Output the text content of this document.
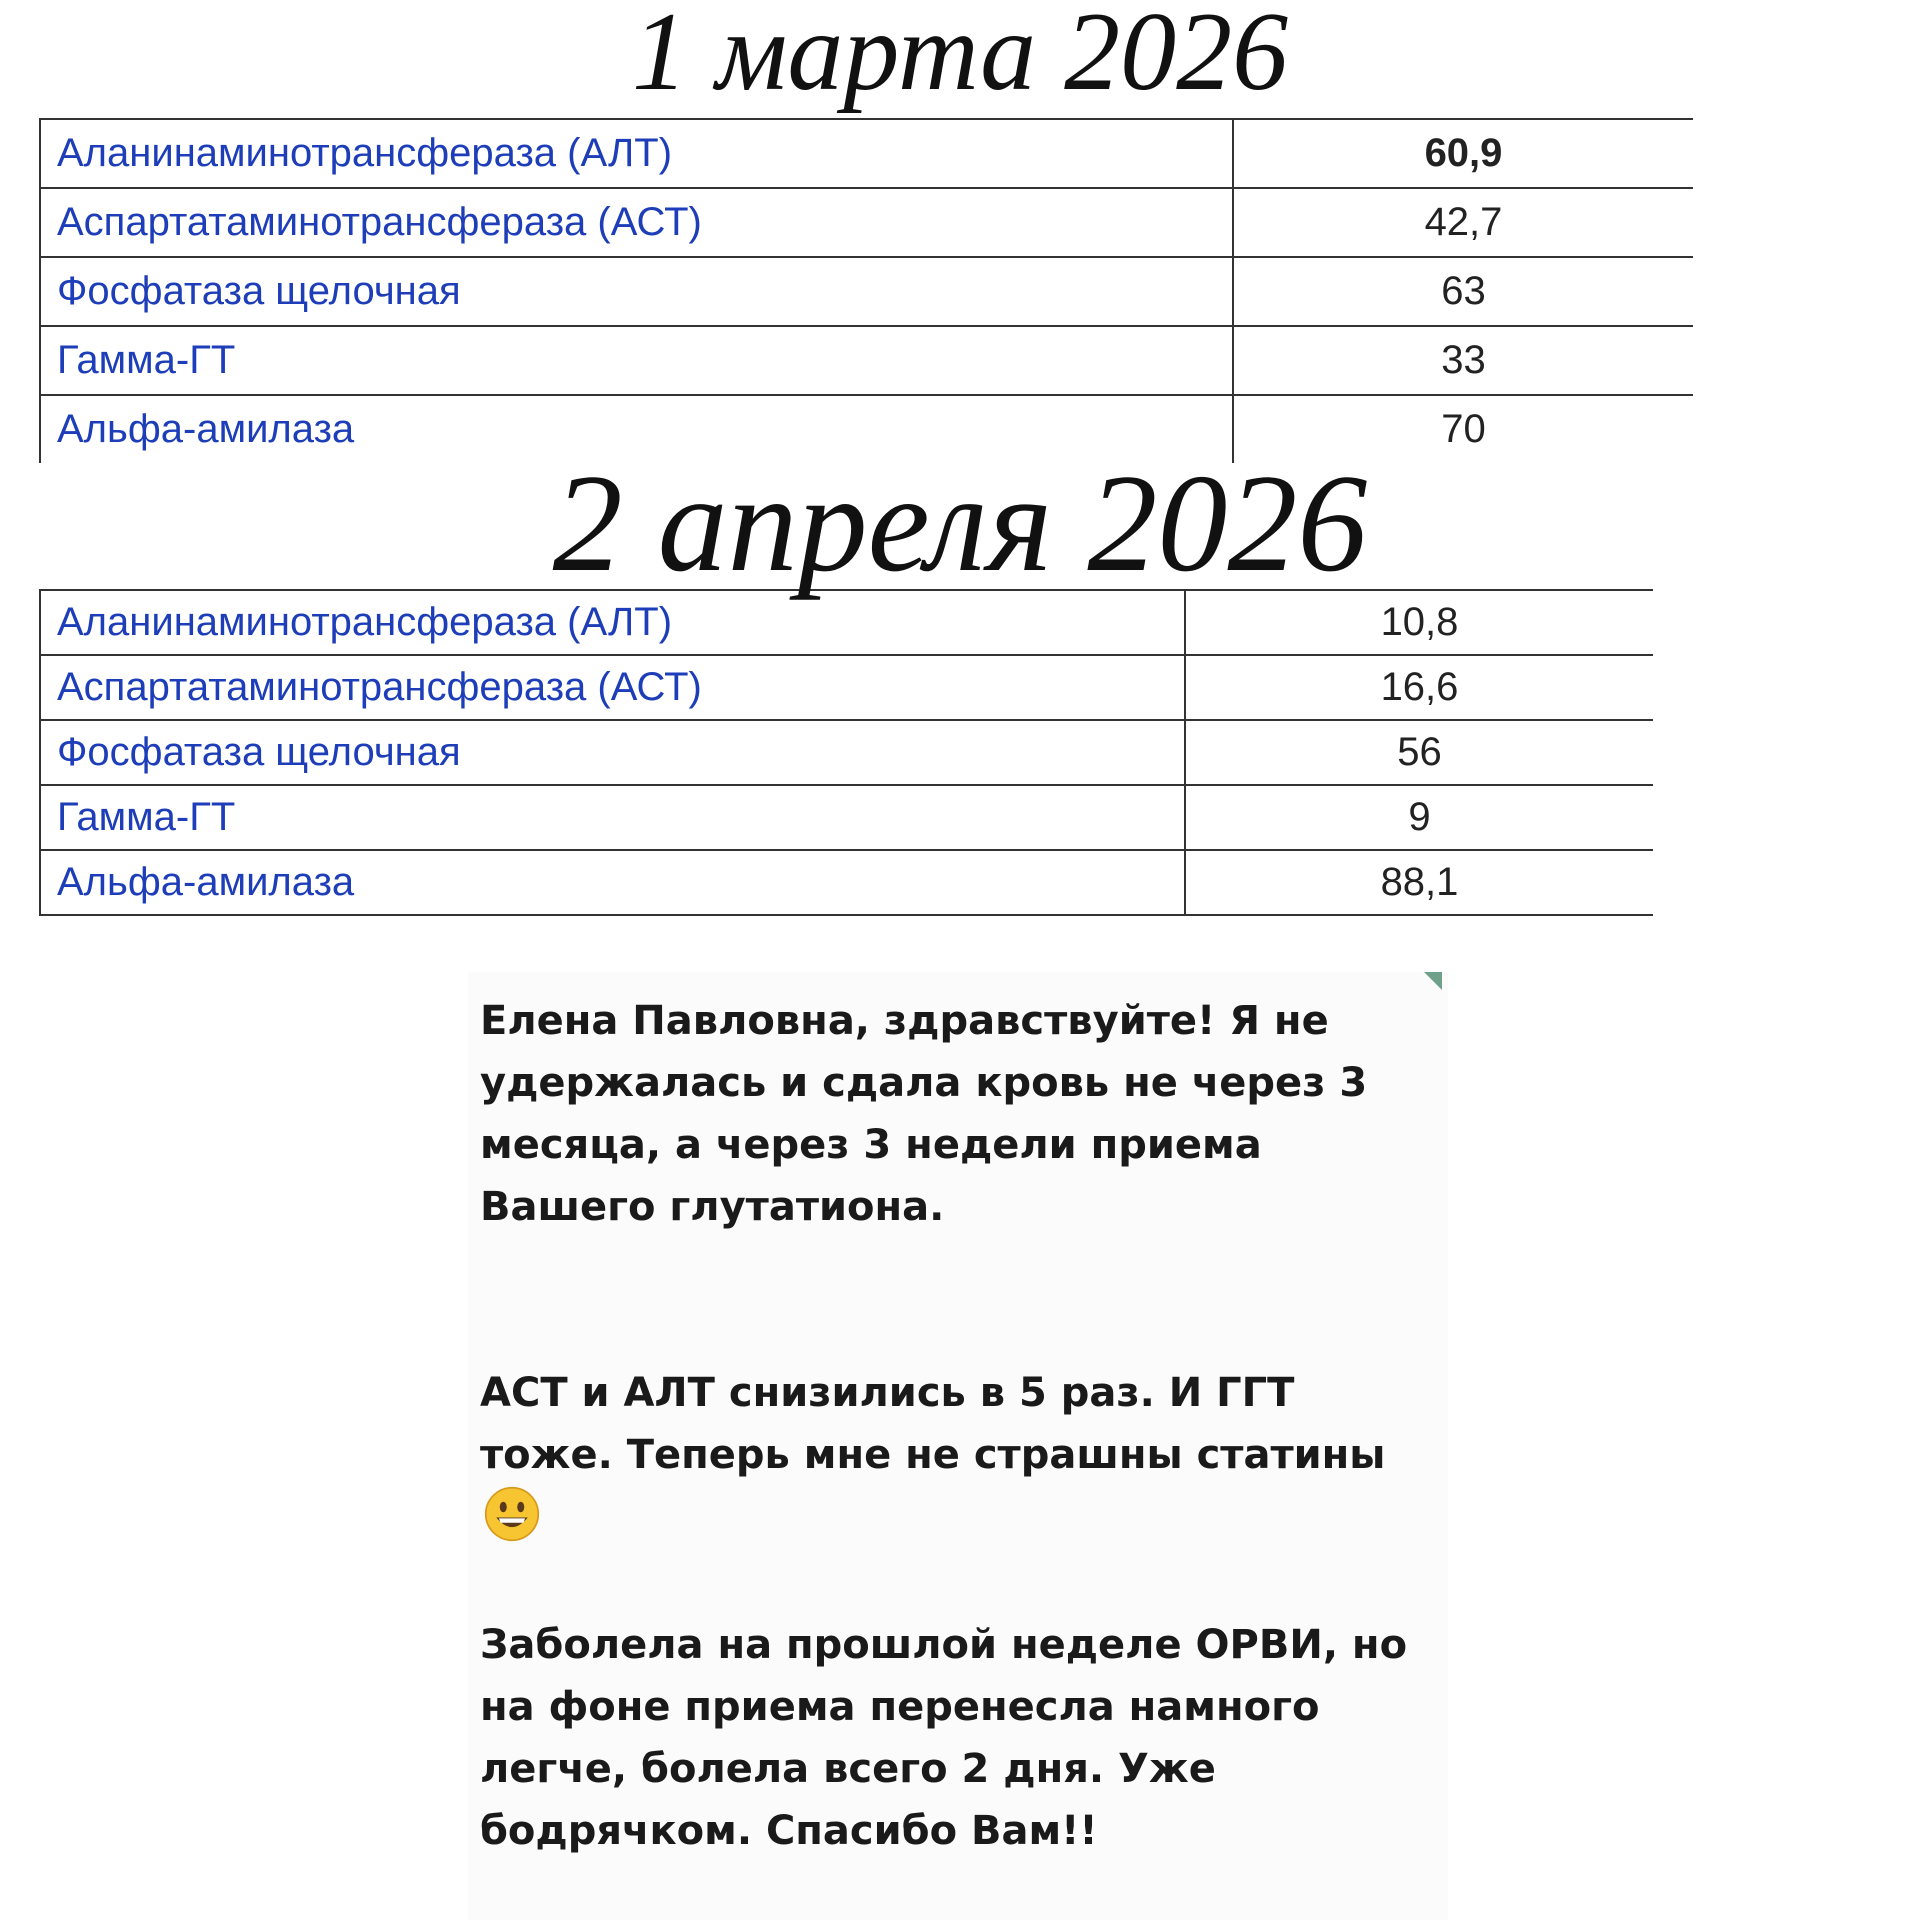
1 марта 2026
Аланинаминотрансфераза (АЛТ)	60,9
Аспартатаминотрансфераза (АСТ)	42,7
Фосфатаза щелочная	63
Гамма-ГТ	33
Альфа-амилаза	70
2 апреля 2026
Аланинаминотрансфераза (АЛТ)	10,8
Аспартатаминотрансфераза (АСТ)	16,6
Фосфатаза щелочная	56
Гамма-ГТ	9
Альфа-амилаза	88,1

Елена Павловна, здравствуйте! Я не удержалась и сдала кровь не через 3 месяца, а через 3 недели приема Вашего глутатиона.

АСТ и АЛТ снизились в 5 раз. И ГГТ тоже. Теперь мне не страшны статины

Заболела на прошлой неделе ОРВИ, но на фоне приема перенесла намного легче, болела всего 2 дня. Уже бодрячком. Спасибо Вам!!
